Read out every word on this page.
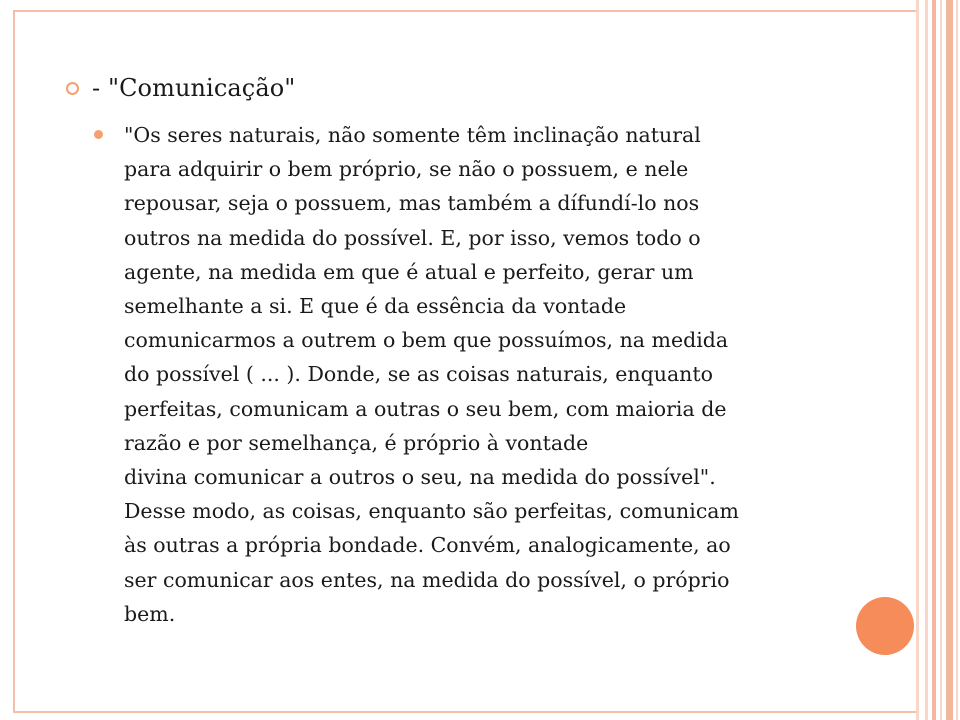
- "Comunicação"
"Os seres naturais, não somente têm inclinação natural
para adquirir o bem próprio, se não o possuem, e nele
repousar, seja o possuem, mas também a dífundí-lo nos
outros na medida do possível. E, por isso, vemos todo o
agente, na medida em que é atual e perfeito, gerar um
semelhante a si. E que é da essência da vontade
comunicarmos a outrem o bem que possuímos, na medida
do possível ( ... ). Donde, se as coisas naturais, enquanto
perfeitas, comunicam a outras o seu bem, com maioria de
razão e por semelhança, é próprio à vontade
divina comunicar a outros o seu, na medida do possível".
Desse modo, as coisas, enquanto são perfeitas, comunicam
às outras a própria bondade. Convém, analogicamente, ao
ser comunicar aos entes, na medida do possível, o próprio
bem.
